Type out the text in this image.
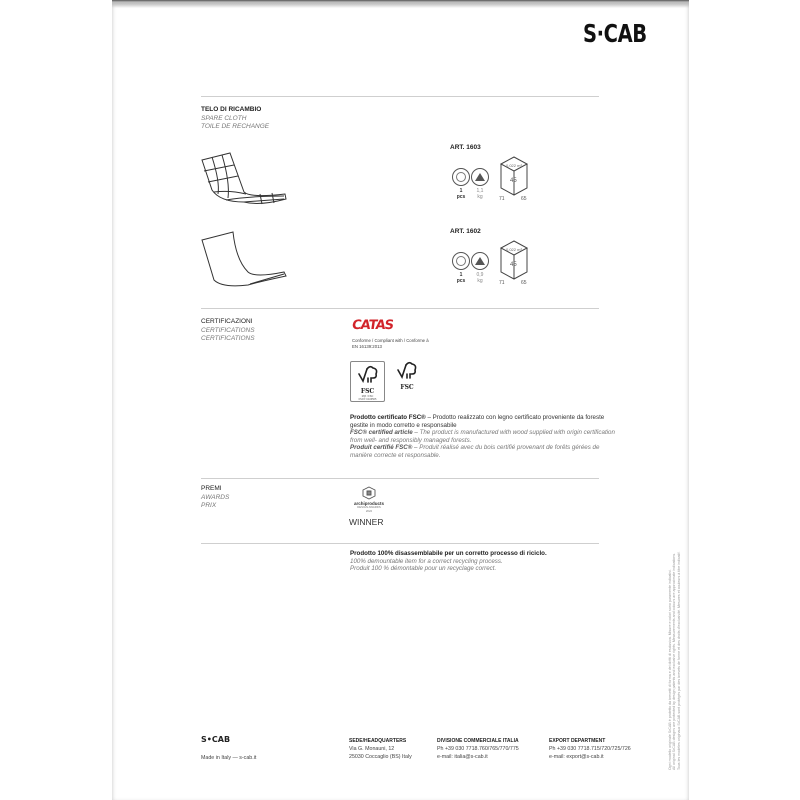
S·CAB
TELO DI RICAMBIO
SPARE CLOTH
TOILE DE RECHANGE
ART. 1603
1
pcs
1,1
kg
0,022 m³
45
71	65
ART. 1602
1
pcs
0,9
kg
0,022 m³
45
71	65
CERTIFICAZIONI
CERTIFICATIONS
CERTIFICATIONS
CATAS
Conforme / Compliant with / Conforme à
EN 16139:2013
FSC
MIX / FSC
FSC® C106565
FSC
Prodotto certificato FSC® – Prodotto realizzato con legno certificato proveniente da foreste gestite in modo corretto e responsabile
FSC® certified article – The product is manufactured with wood supplied with origin certification from well- and responsibly managed forests.
Produit certifié FSC® – Produit réalisé avec du bois certifié provenant de forêts gérées de manière correcte et responsable.
PREMI
AWARDS
PRIX	archiproducts
DESIGN AWARDS
2022
WINNER
Prodotto 100% disassemblabile per un corretto processo di riciclo.
100% demountable item for a correct recycling process.
Produit 100 % démontable pour un recyclage correct.
Ogni modello originale S•CAB è protetto da brevetti di forma e dei diritti di esclusiva. Misure e colori sono puramente indicativi. All original S•CAB designs are protected by design patents and exclusive rights. Measurements and colours are approximate indications. Tous les modèles originaux S•CAB sont protégés par des brevets de forme et des droits d'exclusivité. Mesures et couleurs à titre indicatif.
S•CAB
Made in Italy — s-cab.it
SEDE/HEADQUARTERS
Via G. Monauni, 12
25030 Coccaglio (BS) Italy
DIVISIONE COMMERCIALE ITALIA
Ph +39 030 7718.760/765/770/775
e-mail: italia@s-cab.it
EXPORT DEPARTMENT
Ph +39 030 7718.715/720/725/726
e-mail: export@s-cab.it
